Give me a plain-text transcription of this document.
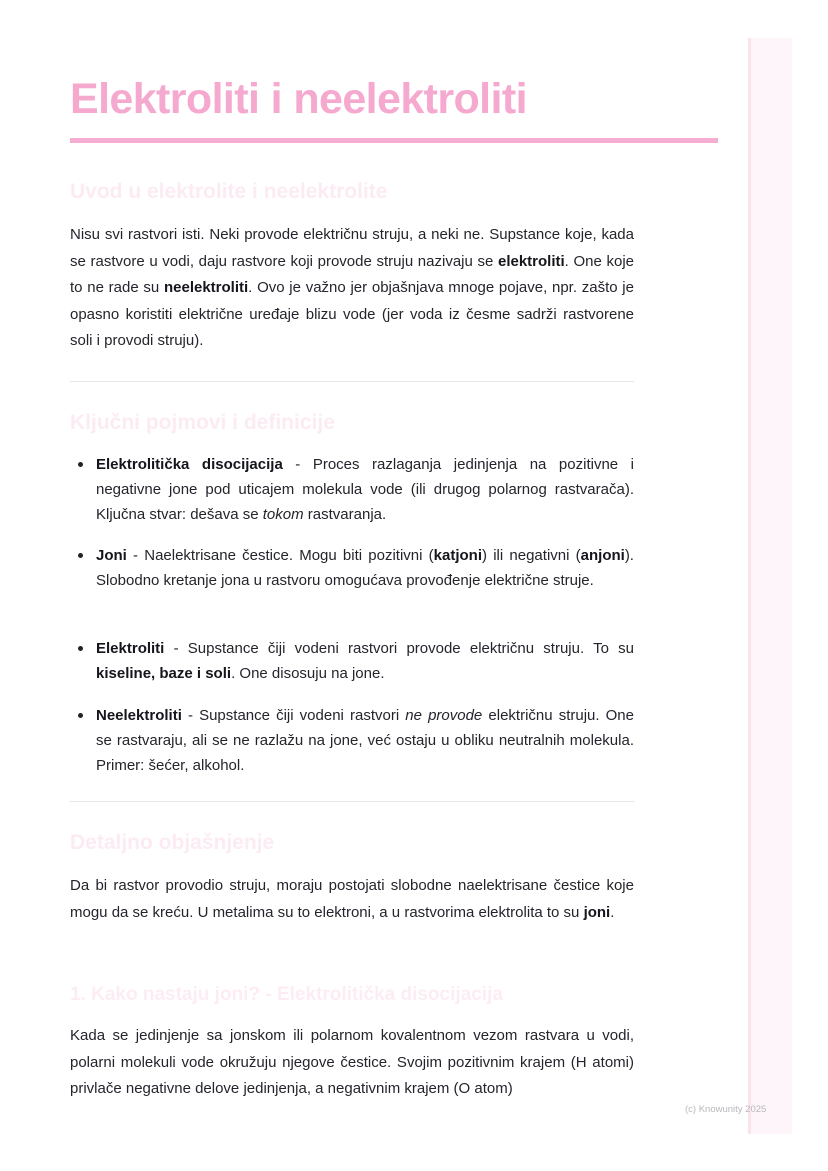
Elektroliti i neelektroliti
Uvod u elektrolite i neelektrolite

Nisu svi rastvori isti. Neki provode električnu struju, a neki ne. Supstance koje, kada se rastvore u vodi, daju rastvore koji provode struju nazivaju se elektroliti. One koje to ne rade su neelektroliti. Ovo je važno jer objašnjava mnoge pojave, npr. zašto je opasno koristiti električne uređaje blizu vode (jer voda iz česme sadrži rastvorene soli i provodi struju).

Ključni pojmovi i definicije

Elektrolitička disocijacija - Proces razlaganja jedinjenja na pozitivne i negativne jone pod uticajem molekula vode (ili drugog polarnog rastvarača). Ključna stvar: dešava se tokom rastvaranja.

Joni - Naelektrisane čestice. Mogu biti pozitivni (katjoni) ili negativni (anjoni). Slobodno kretanje jona u rastvoru omogućava provođenje električne struje.

Elektroliti - Supstance čiji vodeni rastvori provode električnu struju. To su kiseline, baze i soli. One disosuju na jone.

Neelektroliti - Supstance čiji vodeni rastvori ne provode električnu struju. One se rastvaraju, ali se ne razlažu na jone, već ostaju u obliku neutralnih molekula. Primer: šećer, alkohol.

Detaljno objašnjenje

Da bi rastvor provodio struju, moraju postojati slobodne naelektrisane čestice koje mogu da se kreću. U metalima su to elektroni, a u rastvorima elektrolita to su joni.

1. Kako nastaju joni? - Elektrolitička disocijacija

Kada se jedinjenje sa jonskom ili polarnom kovalentnom vezom rastvara u vodi, polarni molekuli vode okružuju njegove čestice. Svojim pozitivnim krajem (H atomi) privlače negativne delove jedinjenja, a negativnim krajem (O atom)

(c) Knowunity 2025
